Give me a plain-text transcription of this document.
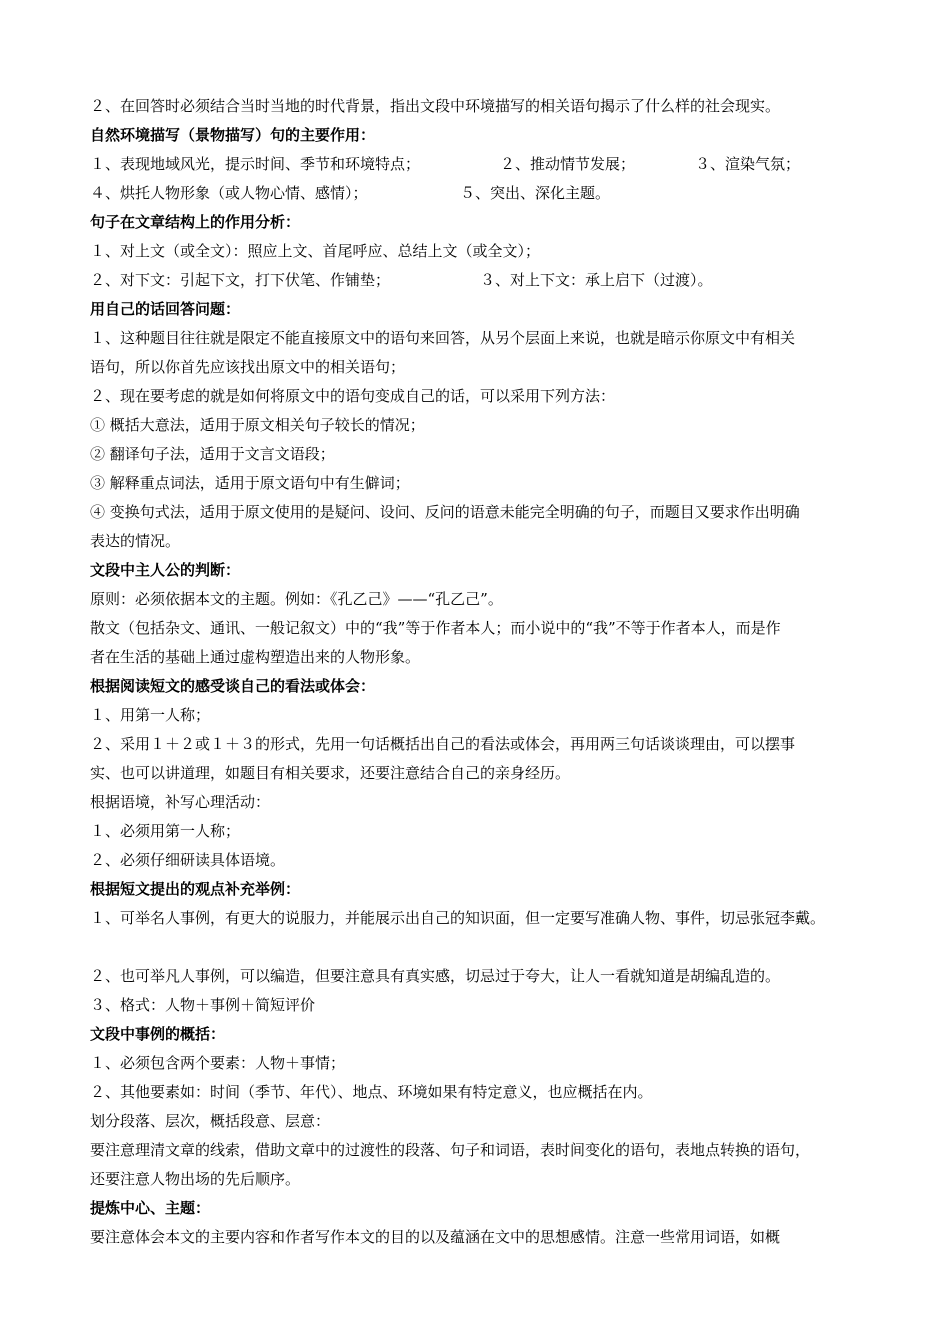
２、在回答时必须结合当时当地的时代背景，指出文段中环境描写的相关语句揭示了什么样的社会现实。
自然环境描写（景物描写）句的主要作用：
１、表现地域风光，提示时间、季节和环境特点；	２、推动情节发展；	３、渲染气氛；
４、烘托人物形象（或人物心情、感情）；	５、突出、深化主题。
句子在文章结构上的作用分析：
１、对上文（或全文）：照应上文、首尾呼应、总结上文（或全文）；
２、对下文：引起下文，打下伏笔、作铺垫；	３、对上下文：承上启下（过渡）。
用自己的话回答问题：
１、这种题目往往就是限定不能直接原文中的语句来回答，从另个层面上来说，也就是暗示你原文中有相关
语句，所以你首先应该找出原文中的相关语句；
２、现在要考虑的就是如何将原文中的语句变成自己的话，可以采用下列方法：
① 概括大意法，适用于原文相关句子较长的情况；
② 翻译句子法，适用于文言文语段；
③ 解释重点词法，适用于原文语句中有生僻词；
④ 变换句式法，适用于原文使用的是疑问、设问、反问的语意未能完全明确的句子，而题目又要求作出明确
表达的情况。
文段中主人公的判断：
原则：必须依据本文的主题。例如：《孔乙己》——“孔乙己”。
散文（包括杂文、通讯、一般记叙文）中的“我”等于作者本人；而小说中的“我”不等于作者本人，而是作
者在生活的基础上通过虚构塑造出来的人物形象。
根据阅读短文的感受谈自己的看法或体会：
１、用第一人称；
２、采用１＋２或１＋３的形式，先用一句话概括出自己的看法或体会，再用两三句话谈谈理由，可以摆事
实、也可以讲道理，如题目有相关要求，还要注意结合自己的亲身经历。
根据语境，补写心理活动：
１、必须用第一人称；
２、必须仔细研读具体语境。
根据短文提出的观点补充举例：
１、可举名人事例，有更大的说服力，并能展示出自己的知识面，但一定要写准确人物、事件，切忌张冠李戴。
２、也可举凡人事例，可以编造，但要注意具有真实感，切忌过于夸大，让人一看就知道是胡编乱造的。
３、格式：人物＋事例＋简短评价
文段中事例的概括：
１、必须包含两个要素：人物＋事情；
２、其他要素如：时间（季节、年代）、地点、环境如果有特定意义，也应概括在内。
划分段落、层次，概括段意、层意：
要注意理清文章的线索，借助文章中的过渡性的段落、句子和词语，表时间变化的语句，表地点转换的语句，
还要注意人物出场的先后顺序。
提炼中心、主题：
要注意体会本文的主要内容和作者写作本文的目的以及蕴涵在文中的思想感情。注意一些常用词语，如概
